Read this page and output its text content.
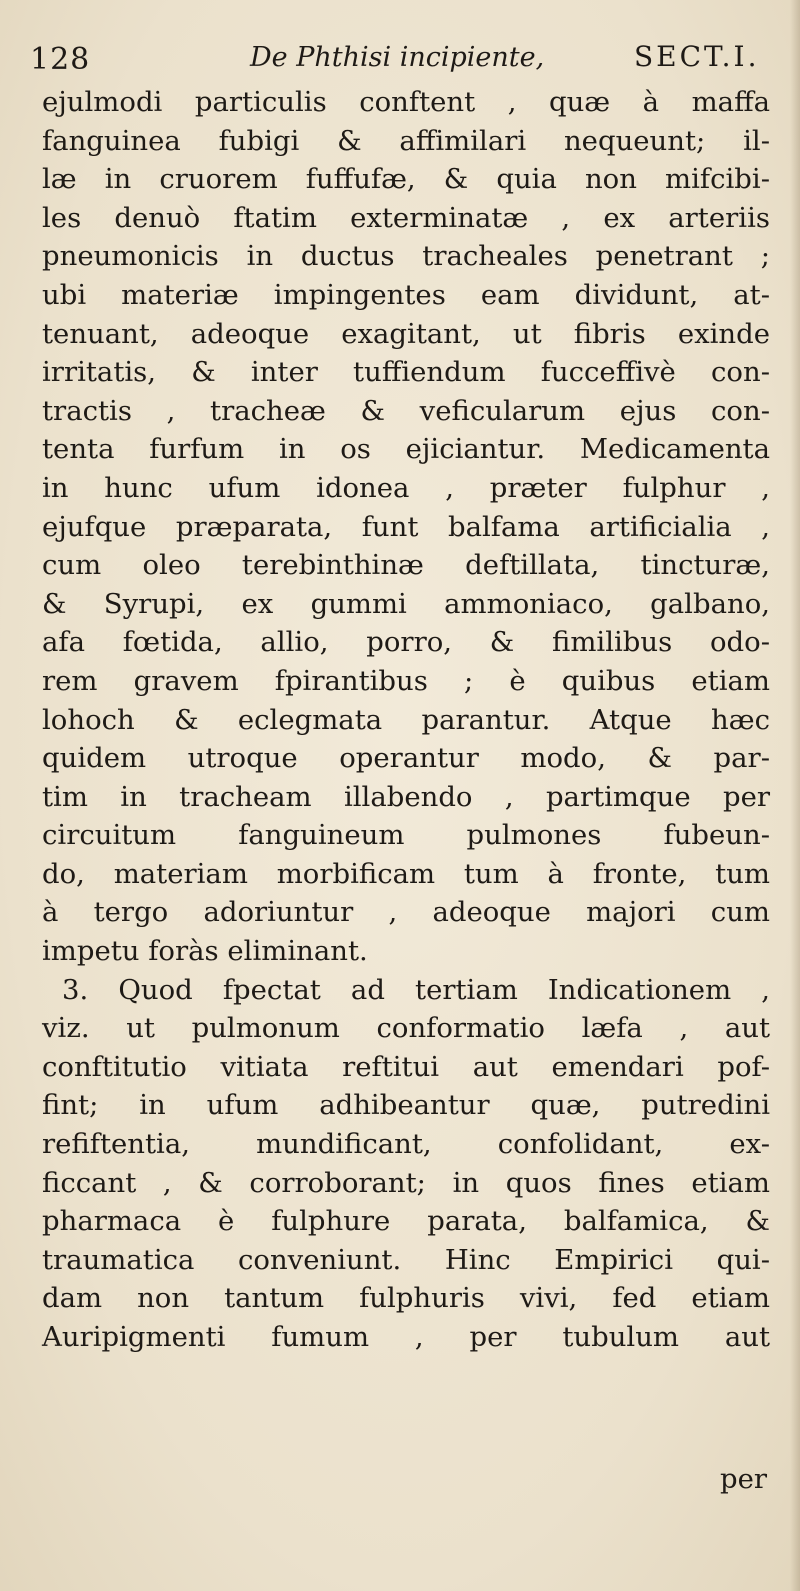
128	De Phthisi incipiente,	SECT.I.
ejulmodi particulis conftent , quæ à maffa
fanguinea fubigi & affimilari nequeunt; il-
læ in cruorem fuffufæ, & quia non mifcibi-
les denuò ftatim exterminatæ , ex arteriis
pneumonicis in ductus tracheales penetrant ;
ubi materiæ impingentes eam dividunt, at-
tenuant, adeoque exagitant, ut fibris exinde
irritatis, & inter tuffiendum fucceffivè con-
tractis , tracheæ & veficularum ejus con-
tenta furfum in os ejiciantur. Medicamenta
in hunc ufum idonea , præter fulphur ,
ejufque præparata, funt balfama artificialia ,
cum oleo terebinthinæ deftillata, tincturæ,
& Syrupi, ex gummi ammoniaco, galbano,
afa fœtida, allio, porro, & fimilibus odo-
rem gravem fpirantibus ; è quibus etiam
lohoch & eclegmata parantur. Atque hæc
quidem utroque operantur modo, & par-
tim in tracheam illabendo , partimque per
circuitum fanguineum pulmones fubeun-
do, materiam morbificam tum à fronte, tum
à tergo adoriuntur , adeoque majori cum
impetu foràs eliminant.
3. Quod fpectat ad tertiam Indicationem ,
viz. ut pulmonum conformatio læfa , aut
conftitutio vitiata reftitui aut emendari pof-
fint; in ufum adhibeantur quæ, putredini
refiftentia, mundificant, confolidant, ex-
ficcant , & corroborant; in quos fines etiam
pharmaca è fulphure parata, balfamica, &
traumatica conveniunt. Hinc Empirici qui-
dam non tantum fulphuris vivi, fed etiam
Auripigmenti fumum , per tubulum aut
per
